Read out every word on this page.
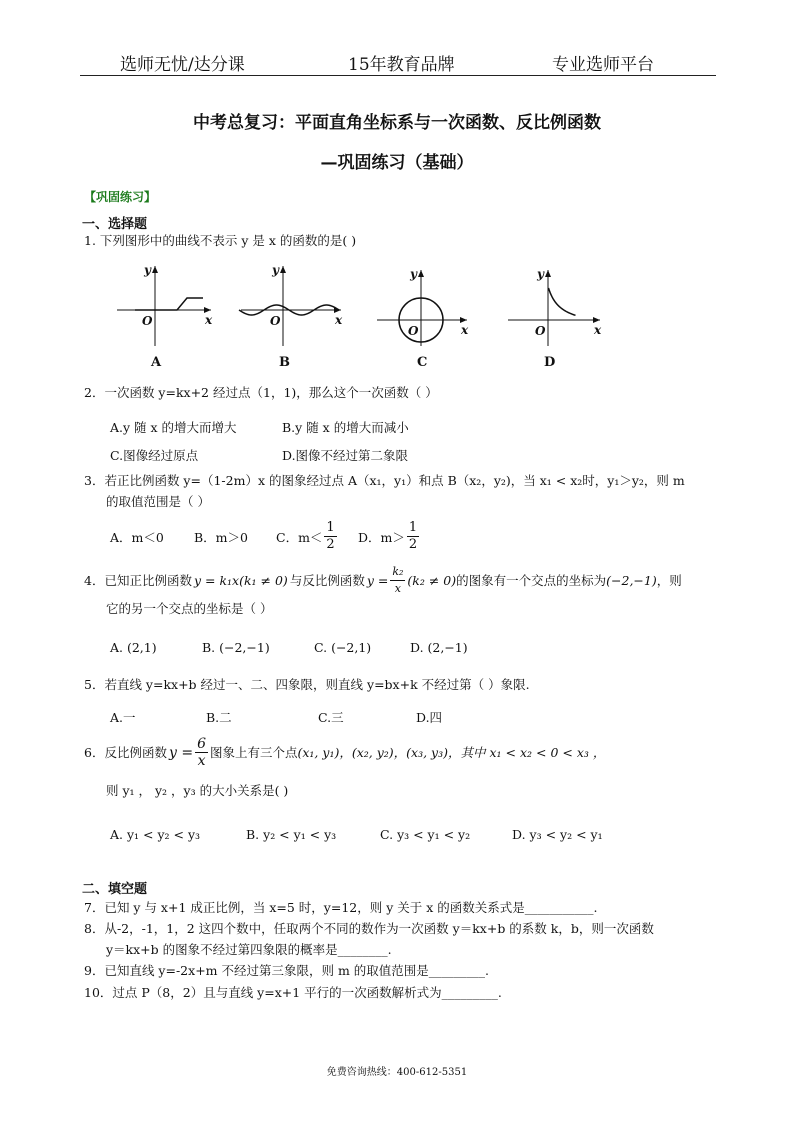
选师无忧/达分课	15年教育品牌	专业选师平台
中考总复习：平面直角坐标系与一次函数、反比例函数
—巩固练习（基础）
【巩固练习】
一、选择题
1. 下列图形中的曲线不表示 y 是 x 的函数的是( )
y
x
O
A
y
x
O
B
y
x
O
C
y
x
O
D
2．一次函数 y=kx+2 经过点（1，1)，那么这个一次函数（ ）
A.y 随 x 的增大而增大	B.y 随 x 的增大而减小
C.图像经过原点	D.图像不经过第二象限
3．若正比例函数 y=（1-2m）x 的图象经过点 A（x₁，y₁）和点 B（x₂，y₂)，当 x₁ < x₂时，y₁＞y₂，则 m
的取值范围是（ ）
A．m＜0	B．m＞0	C．$m< \frac{1}{2}$ D．$m> \frac{1}{2}$
4．已知正比例函数 y = k₁x(k₁ ≠ 0) 与反比例函数 $y = \frac{\text{k₂}}{x} (k_2 \ne 0)$ 的图象有一个交点的坐标为 (−2,−1) ，则
它的另一个交点的坐标是（ ）
A. (2,1)	B. (−2,−1)	C. (−2,1)	D. (2,−1)
5．若直线 y=kx+b 经过一、二、四象限，则直线 y=bx+k 不经过第（ ）象限.
A.一	B.二	C.三	D.四
6．反比例函数 $y = \frac{6}{x}$ 图象上有三个点 (x₁, y₁)，(x₂, y₂)，(x₃, y₃) ，其中 x₁ < x₂ < 0 < x₃ ，
则 y₁ ， y₂ ，y₃ 的大小关系是( )
A. y₁ < y₂ < y₃	B. y₂ < y₁ < y₃	C. y₃ < y₁ < y₂	D. y₃ < y₂ < y₁
二、填空题
7．已知 y 与 x+1 成正比例，当 x=5 时，y=12，则 y 关于 x 的函数关系式是___________.
8．从-2，-1，1，2 这四个数中，任取两个不同的数作为一次函数 y＝kx+b 的系数 k，b，则一次函数
y＝kx+b 的图象不经过第四象限的概率是________.
9．已知直线 y=-2x+m 不经过第三象限，则 m 的取值范围是_________.
10．过点 P（8，2）且与直线 y=x+1 平行的一次函数解析式为_________.
免费咨询热线：400-612-5351
